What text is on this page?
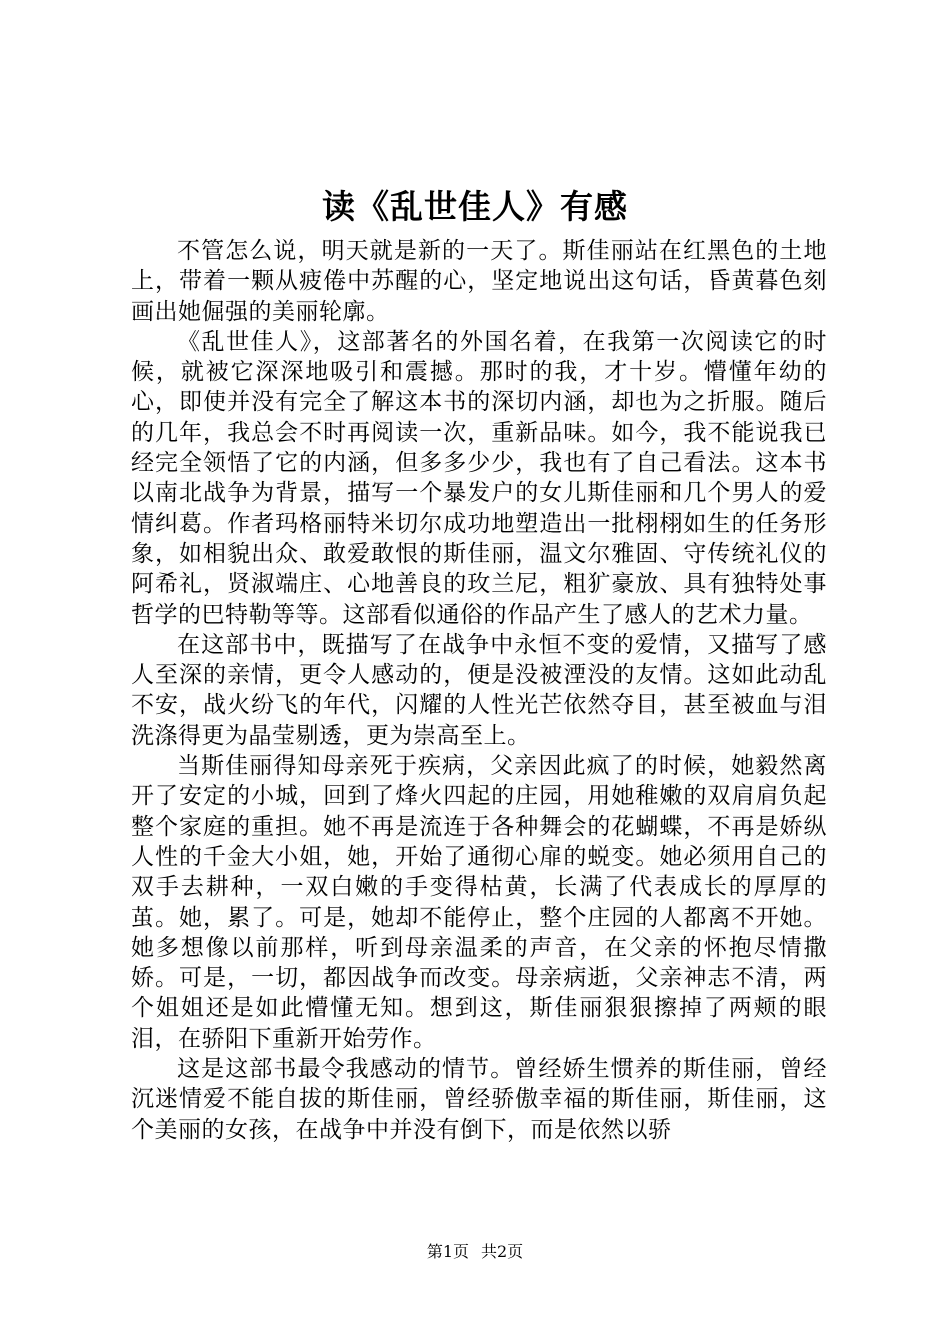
读《乱世佳人》有感

不管怎么说，明天就是新的一天了。斯佳丽站在红黑色的土地上，带着一颗从疲倦中苏醒的心，坚定地说出这句话，昏黄暮色刻画出她倔强的美丽轮廓。

《乱世佳人》，这部著名的外国名着，在我第一次阅读它的时候，就被它深深地吸引和震撼。那时的我，才十岁。懵懂年幼的心，即使并没有完全了解这本书的深切内涵，却也为之折服。随后的几年，我总会不时再阅读一次，重新品味。如今，我不能说我已经完全领悟了它的内涵，但多多少少，我也有了自己看法。这本书以南北战争为背景，描写一个暴发户的女儿斯佳丽和几个男人的爱情纠葛。作者玛格丽特米切尔成功地塑造出一批栩栩如生的任务形象，如相貌出众、敢爱敢恨的斯佳丽，温文尔雅固、守传统礼仪的阿希礼，贤淑端庄、心地善良的玫兰尼，粗犷豪放、具有独特处事哲学的巴特勒等等。这部看似通俗的作品产生了感人的艺术力量。

在这部书中，既描写了在战争中永恒不变的爱情，又描写了感人至深的亲情，更令人感动的，便是没被湮没的友情。这如此动乱不安，战火纷飞的年代，闪耀的人性光芒依然夺目，甚至被血与泪洗涤得更为晶莹剔透，更为崇高至上。

当斯佳丽得知母亲死于疾病，父亲因此疯了的时候，她毅然离开了安定的小城，回到了烽火四起的庄园，用她稚嫩的双肩肩负起整个家庭的重担。她不再是流连于各种舞会的花蝴蝶，不再是娇纵人性的千金大小姐，她，开始了通彻心扉的蜕变。她必须用自己的双手去耕种，一双白嫩的手变得枯黄，长满了代表成长的厚厚的茧。她，累了。可是，她却不能停止，整个庄园的人都离不开她。她多想像以前那样，听到母亲温柔的声音，在父亲的怀抱尽情撒娇。可是，一切，都因战争而改变。母亲病逝，父亲神志不清，两个姐姐还是如此懵懂无知。想到这，斯佳丽狠狠擦掉了两颊的眼泪，在骄阳下重新开始劳作。

这是这部书最令我感动的情节。曾经娇生惯养的斯佳丽，曾经沉迷情爱不能自拔的斯佳丽，曾经骄傲幸福的斯佳丽，斯佳丽，这个美丽的女孩，在战争中并没有倒下，而是依然以骄

第1页 共2页
